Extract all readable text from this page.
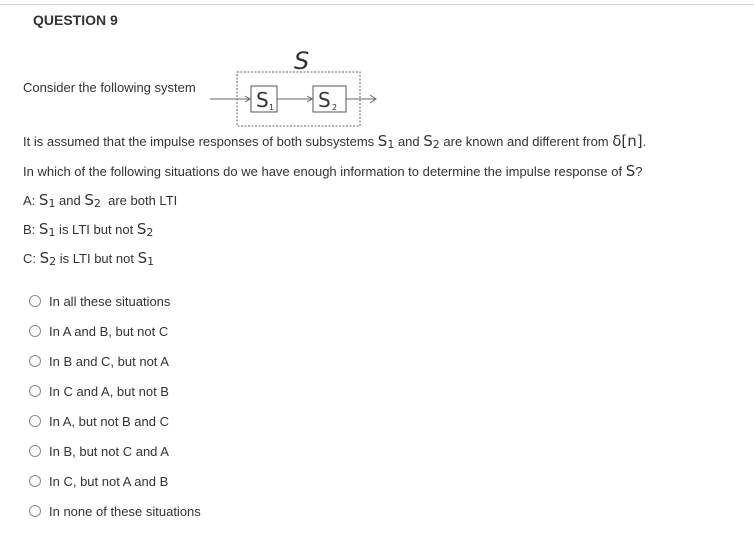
QUESTION 9
Consider the following system
S
S 1 S 2
It is assumed that the impulse responses of both subsystems $S_1$ and $S_2$ are known and different from δ[n].
In which of the following situations do we have enough information to determine the impulse response of S?
A: $S_1$ and $S_2$  are both LTI
B: $S_1$ is LTI but not $S_2$
C: $S_2$ is LTI but not $S_1$
In all these situations
In A and B, but not C
In B and C, but not A
In C and A, but not B
In A, but not B and C
In B, but not C and A
In C, but not A and B
In none of these situations
